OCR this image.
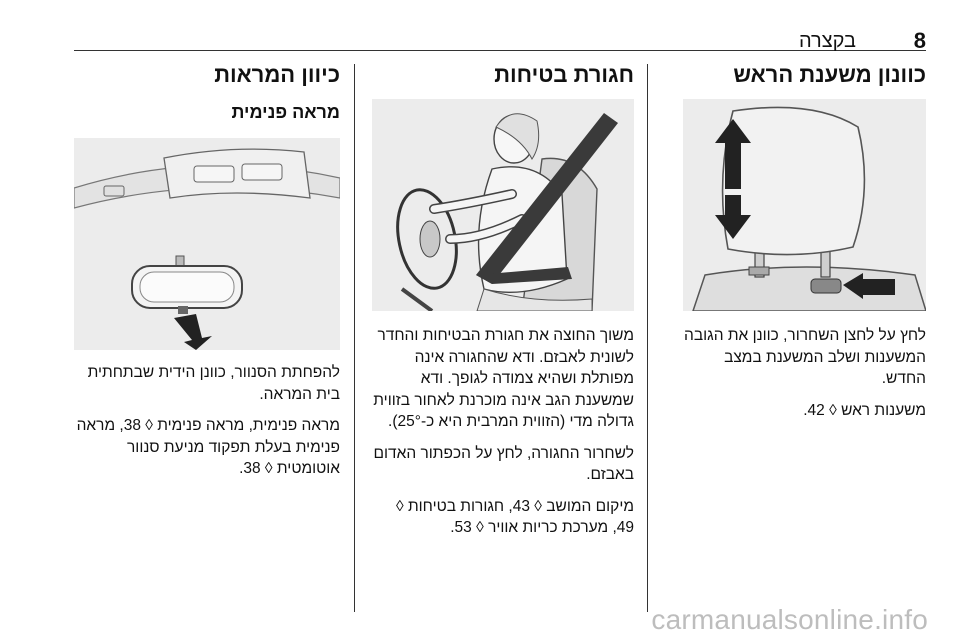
8
בקצרה
כוונון משענת הראש

לחץ על לחצן השחרור, כוונן את הגובה המשענות ושלב המשענת במצב החדש.

משענות ראש ◊ 42.

חגורת בטיחות

משוך החוצה את חגורת הבטיחות והחדר לשונית לאבזם. ודא שהחגורה אינה מפותלת ושהיא צמודה לגופך. ודא שמשענת הגב אינה מוכרנת לאחור בזווית גדולה מדי (הזווית המרבית היא כ-25°).

לשחרור החגורה, לחץ על הכפתור האדום באבזם.

מיקום המושב ◊ 43, חגורות בטיחות ◊ 49, מערכת כריות אוויר ◊ 53.

כיוון המראות
מראה פנימית

להפחתת הסנוור, כוונן הידית שבתחתית בית המראה.

מראה פנימית, מראה פנימית ◊ 38, מראה פנימית בעלת תפקוד מניעת סנוור אוטומטית ◊ 38.

carmanualsonline.info
